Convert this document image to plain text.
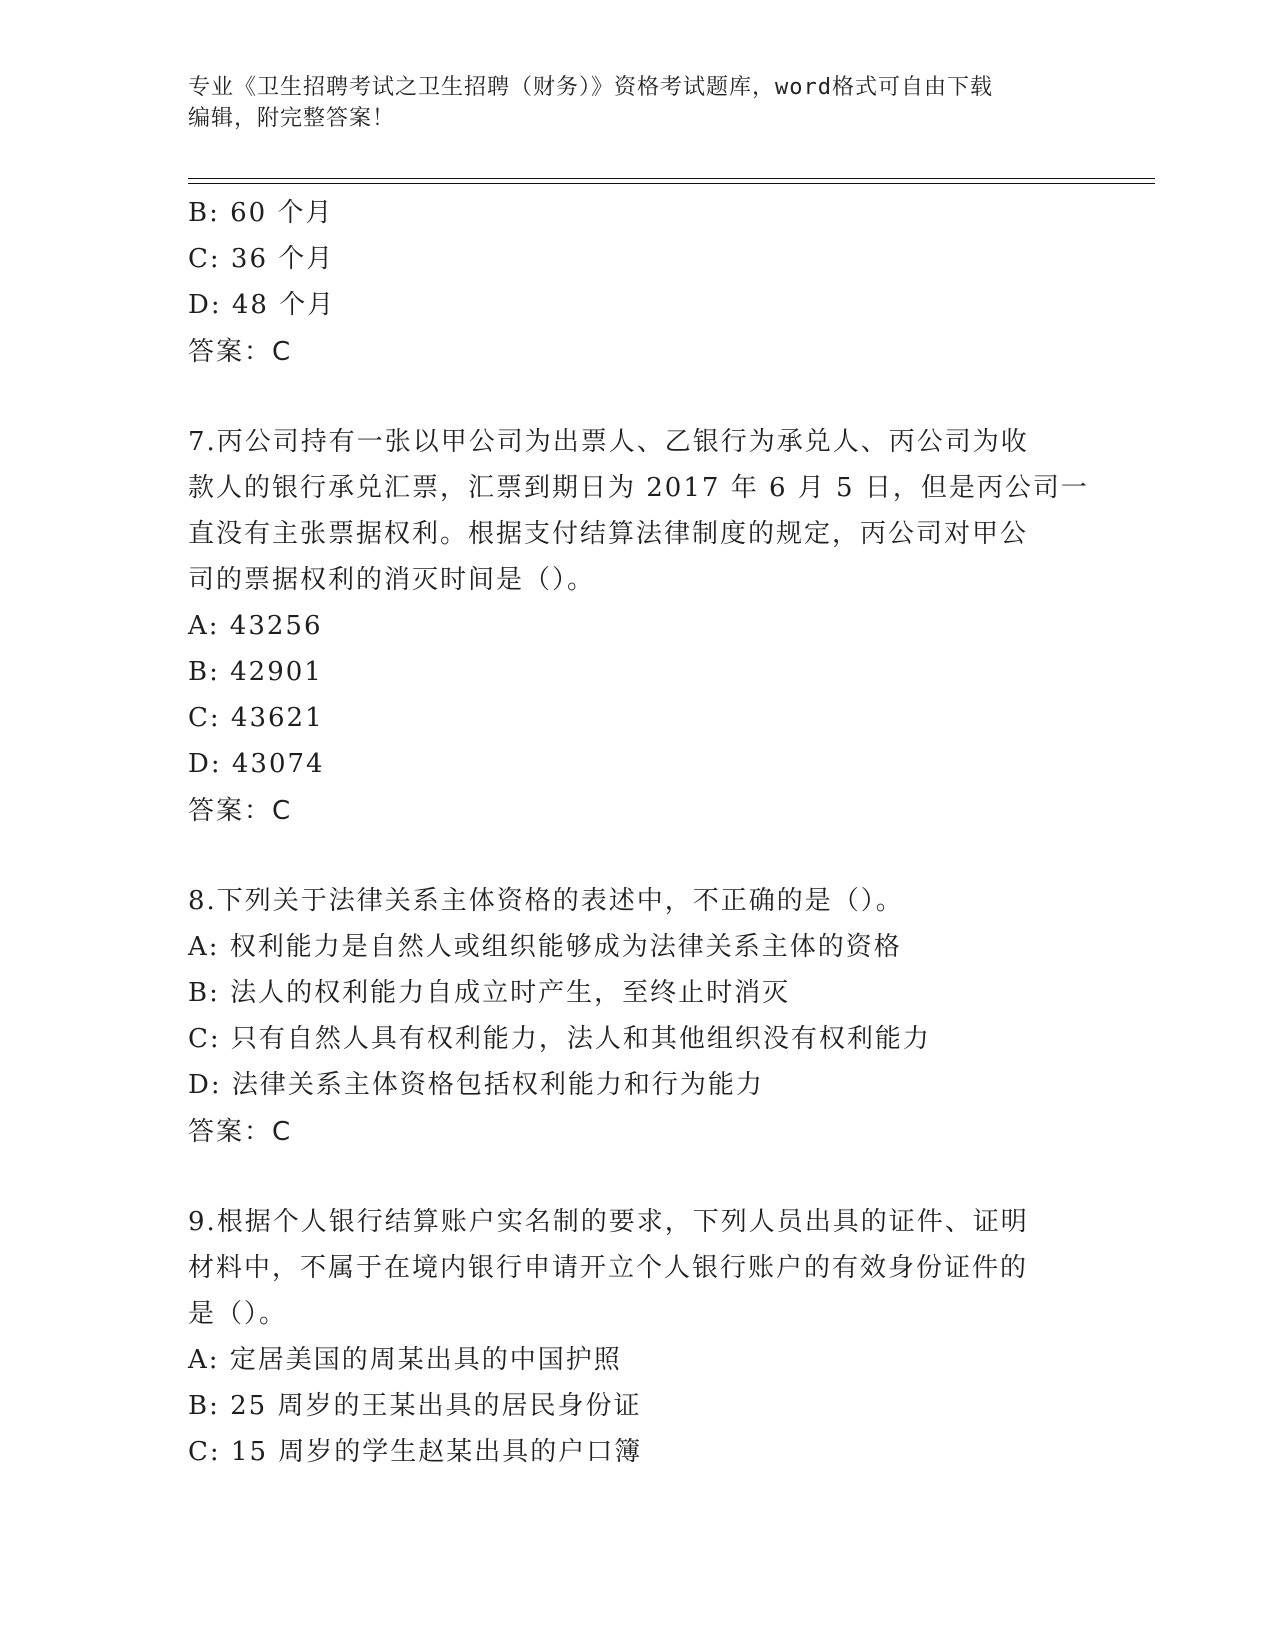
专业《卫生招聘考试之卫生招聘（财务）》资格考试题库，word格式可自由下载
编辑，附完整答案！
B: 60 个月
C: 36 个月
D: 48 个月
答案：C
7.丙公司持有一张以甲公司为出票人、乙银行为承兑人、丙公司为收
款人的银行承兑汇票，汇票到期日为 2017 年 6 月 5 日，但是丙公司一
直没有主张票据权利。根据支付结算法律制度的规定，丙公司对甲公
司的票据权利的消灭时间是（）。
A: 43256
B: 42901
C: 43621
D: 43074
答案：C
8.下列关于法律关系主体资格的表述中，不正确的是（）。
A: 权利能力是自然人或组织能够成为法律关系主体的资格
B: 法人的权利能力自成立时产生，至终止时消灭
C: 只有自然人具有权利能力，法人和其他组织没有权利能力
D: 法律关系主体资格包括权利能力和行为能力
答案：C
9.根据个人银行结算账户实名制的要求，下列人员出具的证件、证明
材料中，不属于在境内银行申请开立个人银行账户的有效身份证件的
是（）。
A: 定居美国的周某出具的中国护照
B: 25 周岁的王某出具的居民身份证
C: 15 周岁的学生赵某出具的户口簿
